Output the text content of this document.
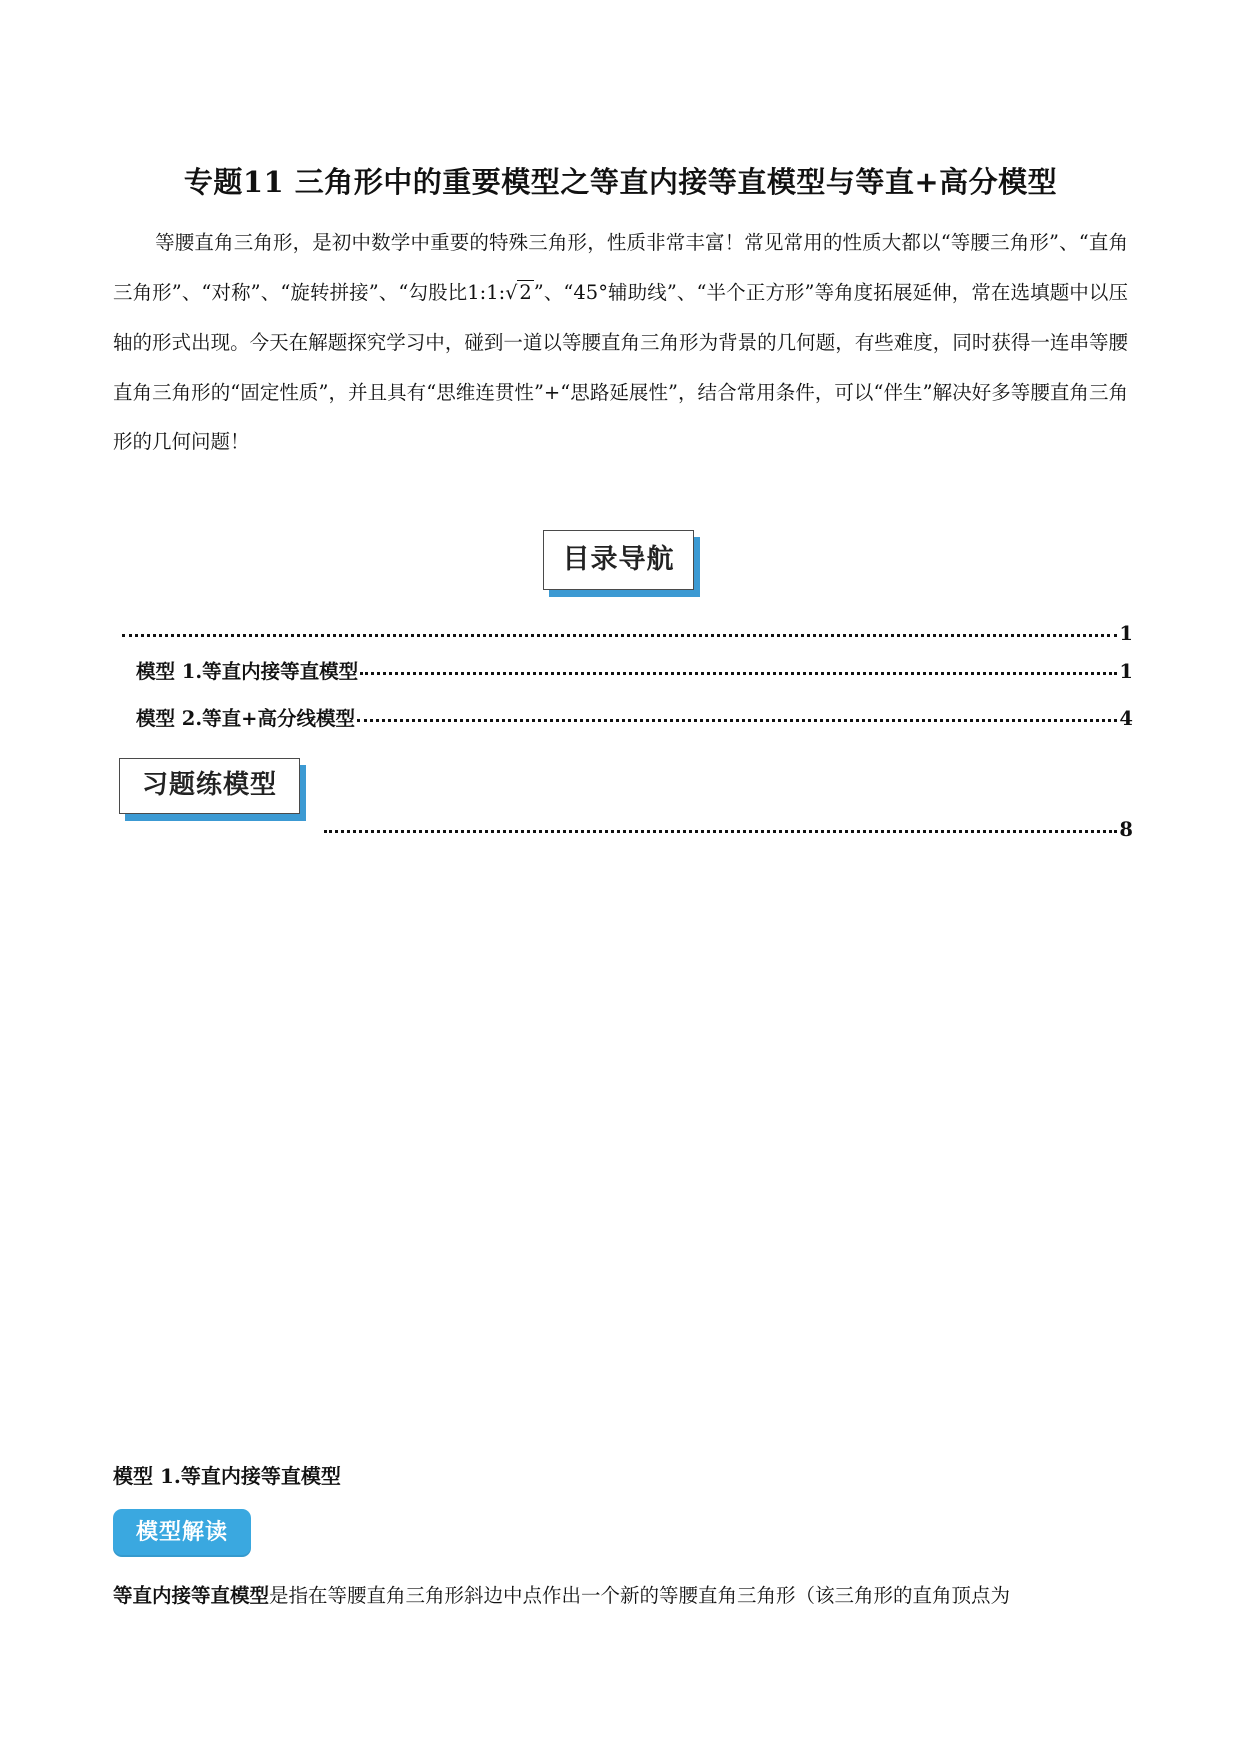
专题11 三角形中的重要模型之等直内接等直模型与等直+高分模型

等腰直角三角形，是初中数学中重要的特殊三角形，性质非常丰富！常见常用的性质大都以“等腰三角形”、“直角三角形”、“对称”、“旋转拼接”、“勾股比1:1:√ 2 ”、“45°辅助线”、“半个正方形”等角度拓展延伸，常在选填题中以压轴的形式出现。今天在解题探究学习中，碰到一道以等腰直角三角形为背景的几何题，有些难度，同时获得一连串等腰直角三角形的“固定性质”，并且具有“思维连贯性”+“思路延展性”，结合常用条件，可以“伴生”解决好多等腰直角三角形的几何问题！

目录导航
1
模型 1.等直内接等直模型	1
模型 2.等直+高分线模型	4
习题练模型
8
模型 1.等直内接等直模型
模型解读

等直内接等直模型是指在等腰直角三角形斜边中点作出一个新的等腰直角三角形（该三角形的直角顶点为
